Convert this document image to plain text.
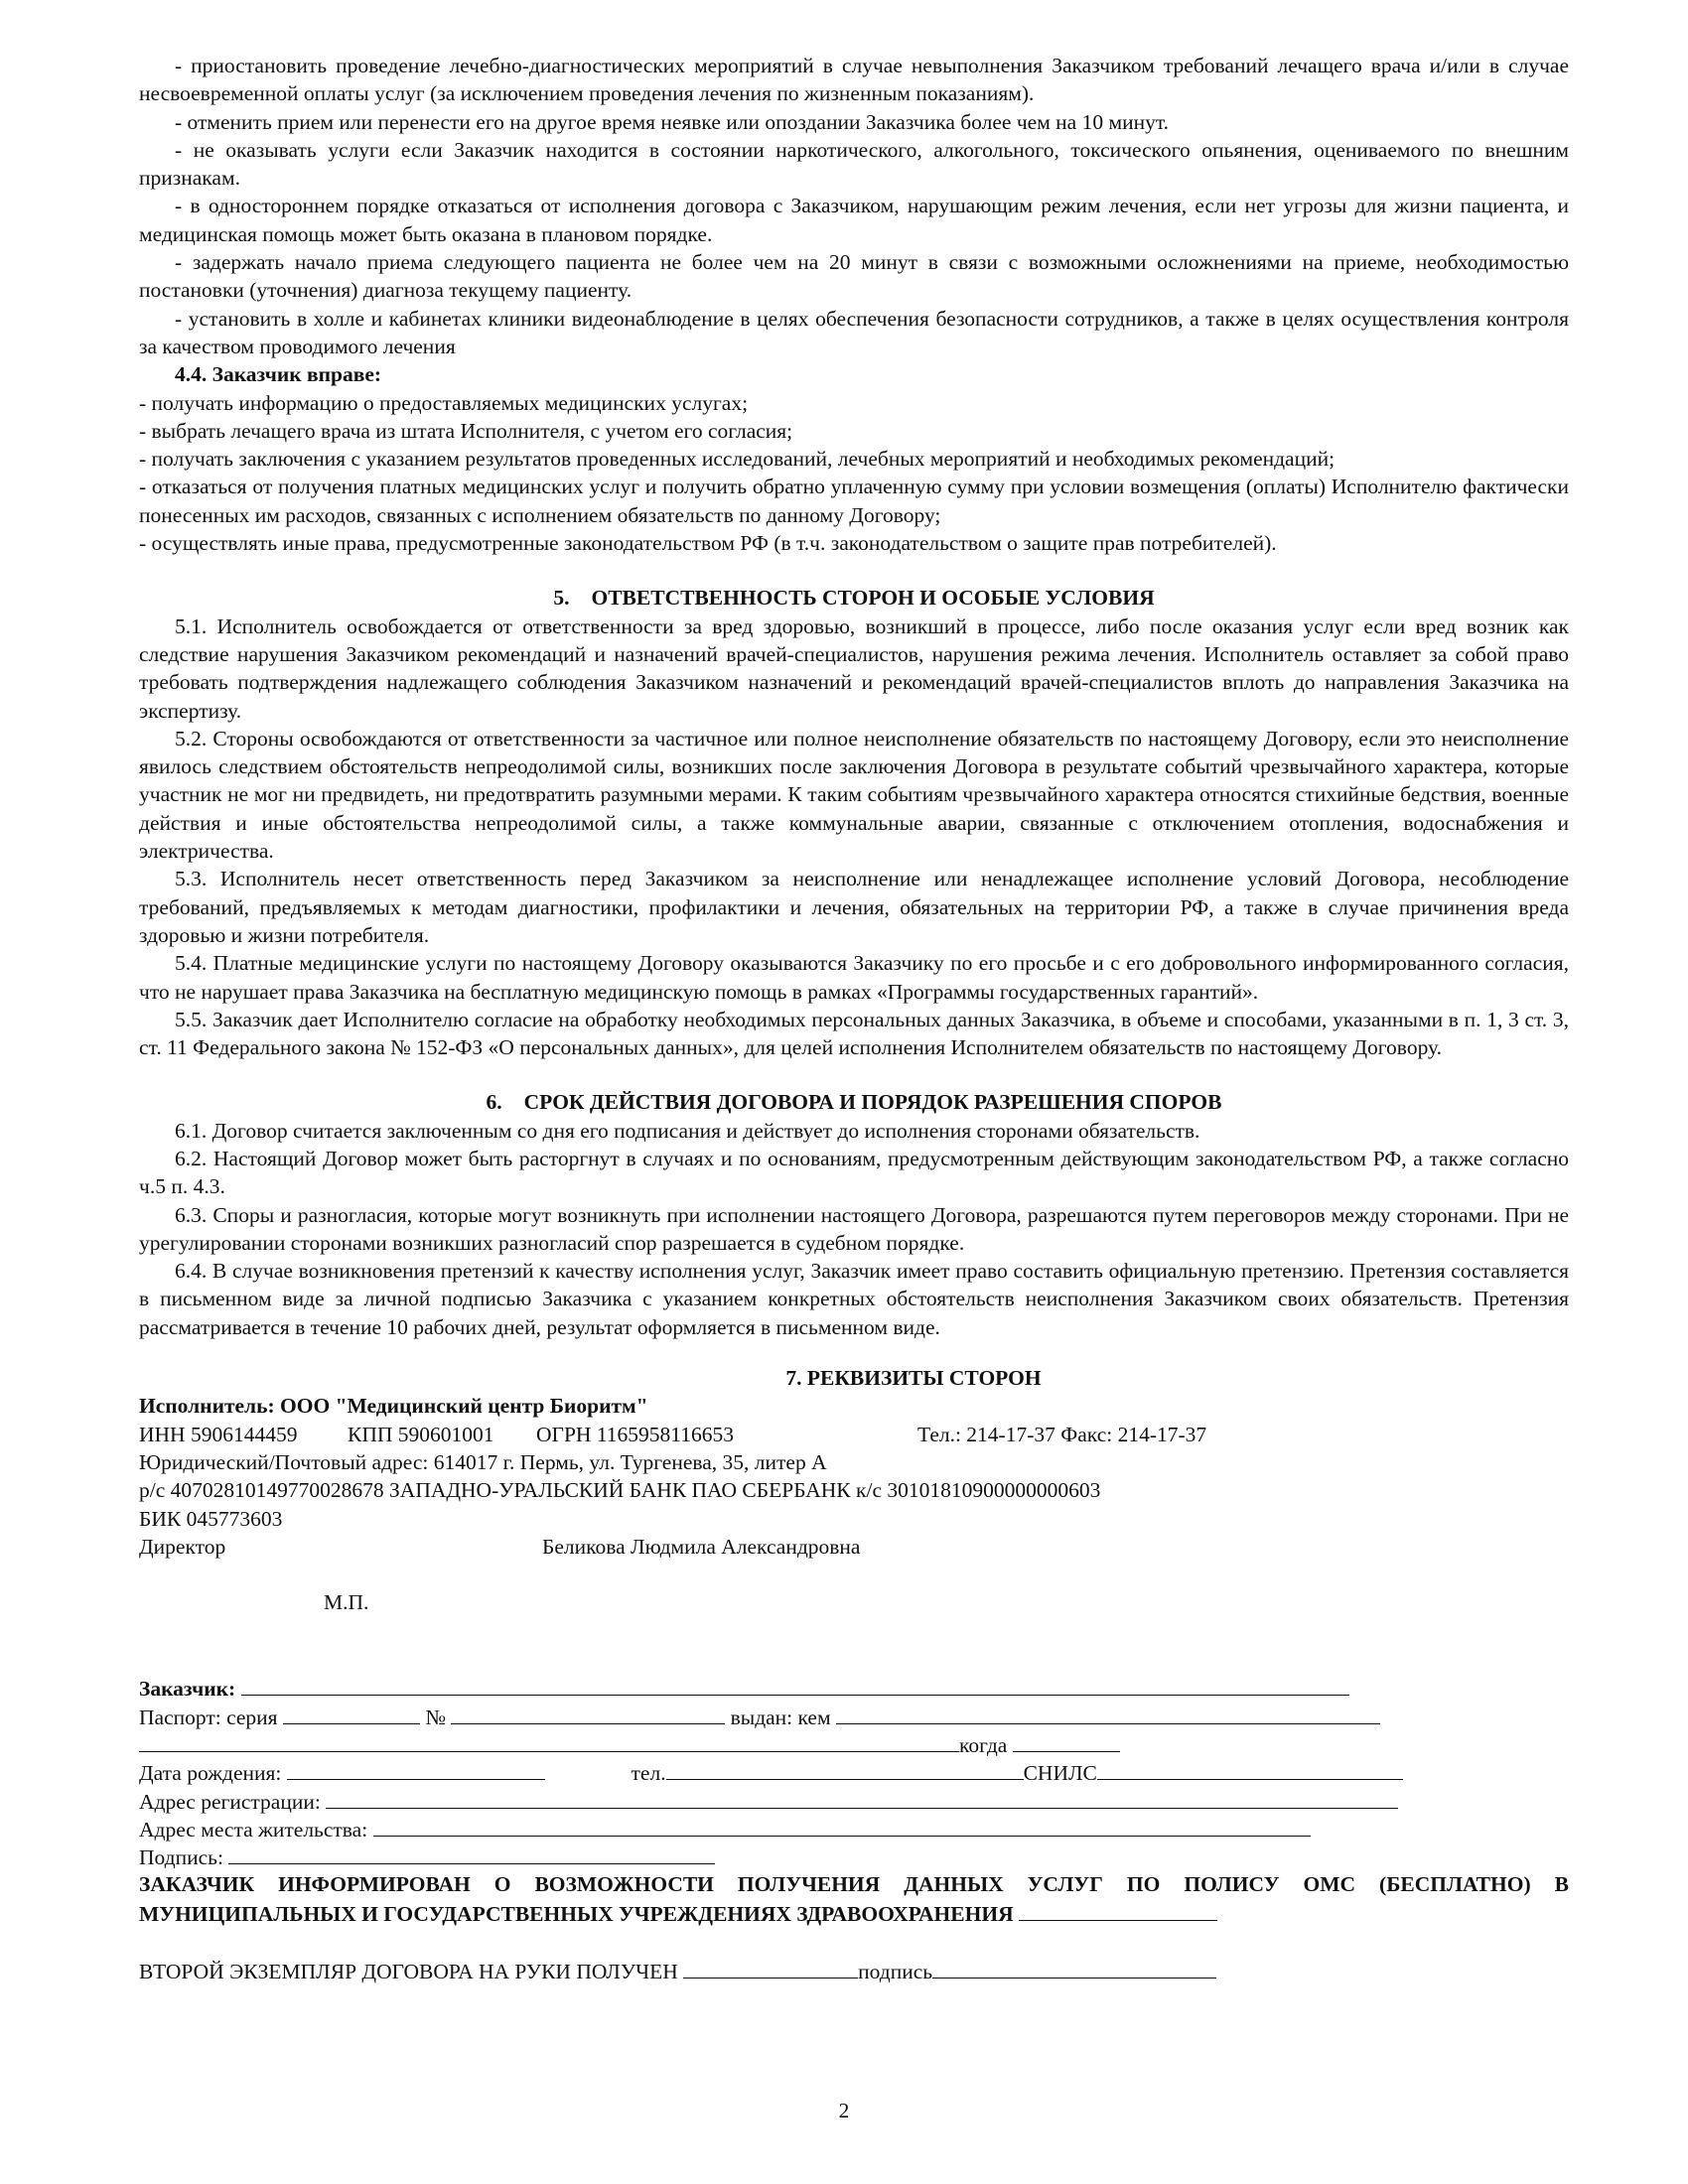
- приостановить проведение лечебно-диагностических мероприятий в случае невыполнения Заказчиком требований лечащего врача и/или в случае несвоевременной оплаты услуг (за исключением проведения лечения по жизненным показаниям).

- отменить прием или перенести его на другое время неявке или опоздании Заказчика более чем на 10 минут.

- не оказывать услуги если Заказчик находится в состоянии наркотического, алкогольного, токсического опьянения, оцениваемого по внешним признакам.

- в одностороннем порядке отказаться от исполнения договора с Заказчиком, нарушающим режим лечения, если нет угрозы для жизни пациента, и медицинская помощь может быть оказана в плановом порядке.

- задержать начало приема следующего пациента не более чем на 20 минут в связи с возможными осложнениями на приеме, необходимостью постановки (уточнения) диагноза текущему пациенту.

- установить в холле и кабинетах клиники видеонаблюдение в целях обеспечения безопасности сотрудников, а также в целях осуществления контроля за качеством проводимого лечения

4.4. Заказчик вправе:

- получать информацию о предоставляемых медицинских услугах;

- выбрать лечащего врача из штата Исполнителя, с учетом его согласия;

- получать заключения с указанием результатов проведенных исследований, лечебных мероприятий и необходимых рекомендаций;

- отказаться от получения платных медицинских услуг и получить обратно уплаченную сумму при условии возмещения (оплаты) Исполнителю фактически понесенных им расходов, связанных с исполнением обязательств по данному Договору;

- осуществлять иные права, предусмотренные законодательством РФ (в т.ч. законодательством о защите прав потребителей).

5. ОТВЕТСТВЕННОСТЬ СТОРОН И ОСОБЫЕ УСЛОВИЯ

5.1. Исполнитель освобождается от ответственности за вред здоровью, возникший в процессе, либо после оказания услуг если вред возник как следствие нарушения Заказчиком рекомендаций и назначений врачей-специалистов, нарушения режима лечения. Исполнитель оставляет за собой право требовать подтверждения надлежащего соблюдения Заказчиком назначений и рекомендаций врачей-специалистов вплоть до направления Заказчика на экспертизу.

5.2. Стороны освобождаются от ответственности за частичное или полное неисполнение обязательств по настоящему Договору, если это неисполнение явилось следствием обстоятельств непреодолимой силы, возникших после заключения Договора в результате событий чрезвычайного характера, которые участник не мог ни предвидеть, ни предотвратить разумными мерами. К таким событиям чрезвычайного характера относятся стихийные бедствия, военные действия и иные обстоятельства непреодолимой силы, а также коммунальные аварии, связанные с отключением отопления, водоснабжения и электричества.

5.3. Исполнитель несет ответственность перед Заказчиком за неисполнение или ненадлежащее исполнение условий Договора, несоблюдение требований, предъявляемых к методам диагностики, профилактики и лечения, обязательных на территории РФ, а также в случае причинения вреда здоровью и жизни потребителя.

5.4. Платные медицинские услуги по настоящему Договору оказываются Заказчику по его просьбе и с его добровольного информированного согласия, что не нарушает права Заказчика на бесплатную медицинскую помощь в рамках «Программы государственных гарантий».

5.5. Заказчик дает Исполнителю согласие на обработку необходимых персональных данных Заказчика, в объеме и способами, указанными в п. 1, 3 ст. 3, ст. 11 Федерального закона № 152-ФЗ «О персональных данных», для целей исполнения Исполнителем обязательств по настоящему Договору.

6. СРОК ДЕЙСТВИЯ ДОГОВОРА И ПОРЯДОК РАЗРЕШЕНИЯ СПОРОВ

6.1. Договор считается заключенным со дня его подписания и действует до исполнения сторонами обязательств.

6.2. Настоящий Договор может быть расторгнут в случаях и по основаниям, предусмотренным действующим законодательством РФ, а также согласно ч.5 п. 4.3.

6.3. Споры и разногласия, которые могут возникнуть при исполнении настоящего Договора, разрешаются путем переговоров между сторонами. При не урегулировании сторонами возникших разногласий спор разрешается в судебном порядке.

6.4. В случае возникновения претензий к качеству исполнения услуг, Заказчик имеет право составить официальную претензию. Претензия составляется в письменном виде за личной подписью Заказчика с указанием конкретных обстоятельств неисполнения Заказчиком своих обязательств. Претензия рассматривается в течение 10 рабочих дней, результат оформляется в письменном виде.

7. РЕКВИЗИТЫ СТОРОН
Исполнитель: ООО "Медицинский центр Биоритм"
ИНН 5906144459 КПП 590601001 ОГРН 1165958116653	Тел.: 214-17-37 Факс: 214-17-37
Юридический/Почтовый адрес: 614017 г. Пермь, ул. Тургенева, 35, литер А
р/с 40702810149770028678 ЗАПАДНО-УРАЛЬСКИЙ БАНК ПАО СБЕРБАНК к/с 30101810900000000603
БИК 045773603
Директор	Беликова Людмила Александровна
М.П.
Заказчик:
Паспорт: серия	№	выдан: кем
когда
Дата рождения:	тел.	СНИЛС
Адрес регистрации:
Адрес места жительства:
Подпись:

ЗАКАЗЧИК ИНФОРМИРОВАН О ВОЗМОЖНОСТИ ПОЛУЧЕНИЯ ДАННЫХ УСЛУГ ПО ПОЛИСУ ОМС (БЕСПЛАТНО) В МУНИЦИПАЛЬНЫХ И ГОСУДАРСТВЕННЫХ УЧРЕЖДЕНИЯХ ЗДРАВООХРАНЕНИЯ

ВТОРОЙ ЭКЗЕМПЛЯР ДОГОВОРА НА РУКИ ПОЛУЧЕН	подпись
2
